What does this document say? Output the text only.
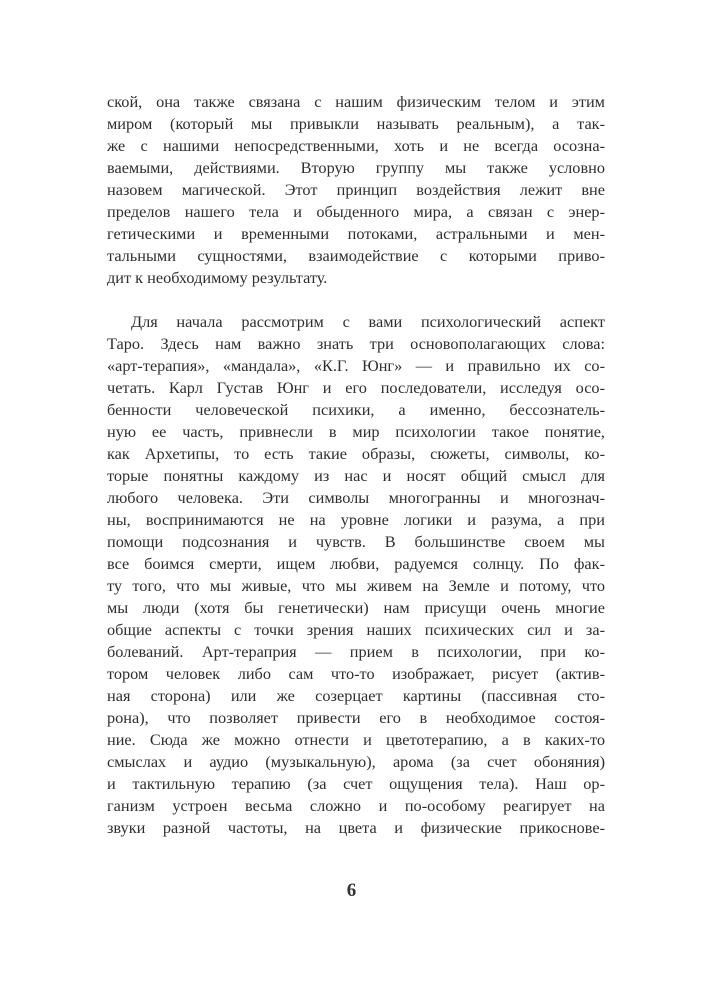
ской, она также связана с нашим физическим телом и этим
миром (который мы привыкли называть реальным), а так-
же с нашими непосредственными, хоть и не всегда осозна-
ваемыми, действиями. Вторую группу мы также условно
назовем магической. Этот принцип воздействия лежит вне
пределов нашего тела и обыденного мира, а связан с энер-
гетическими и временными потоками, астральными и мен-
тальными сущностями, взаимодействие с которыми приво-
дит к необходимому результату.
Для начала рассмотрим с вами психологический аспект
Таро. Здесь нам важно знать три основополагающих слова:
«арт-терапия», «мандала», «К.Г. Юнг» — и правильно их со-
четать. Карл Густав Юнг и его последователи, исследуя осо-
бенности человеческой психики, а именно, бессознатель-
ную ее часть, привнесли в мир психологии такое понятие,
как Архетипы, то есть такие образы, сюжеты, символы, ко-
торые понятны каждому из нас и носят общий смысл для
любого человека. Эти символы многогранны и многознач-
ны, воспринимаются не на уровне логики и разума, а при
помощи подсознания и чувств. В большинстве своем мы
все боимся смерти, ищем любви, радуемся солнцу. По фак-
ту того, что мы живые, что мы живем на Земле и потому, что
мы люди (хотя бы генетически) нам присущи очень многие
общие аспекты с точки зрения наших психических сил и за-
болеваний. Арт-тераприя — прием в психологии, при ко-
тором человек либо сам что-то изображает, рисует (актив-
ная сторона) или же созерцает картины (пассивная сто-
рона), что позволяет привести его в необходимое состоя-
ние. Сюда же можно отнести и цветотерапию, а в каких-то
смыслах и аудио (музыкальную), арома (за счет обоняния)
и тактильную терапию (за счет ощущения тела). Наш ор-
ганизм устроен весьма сложно и по-особому реагирует на
звуки разной частоты, на цвета и физические прикоснове-
6
